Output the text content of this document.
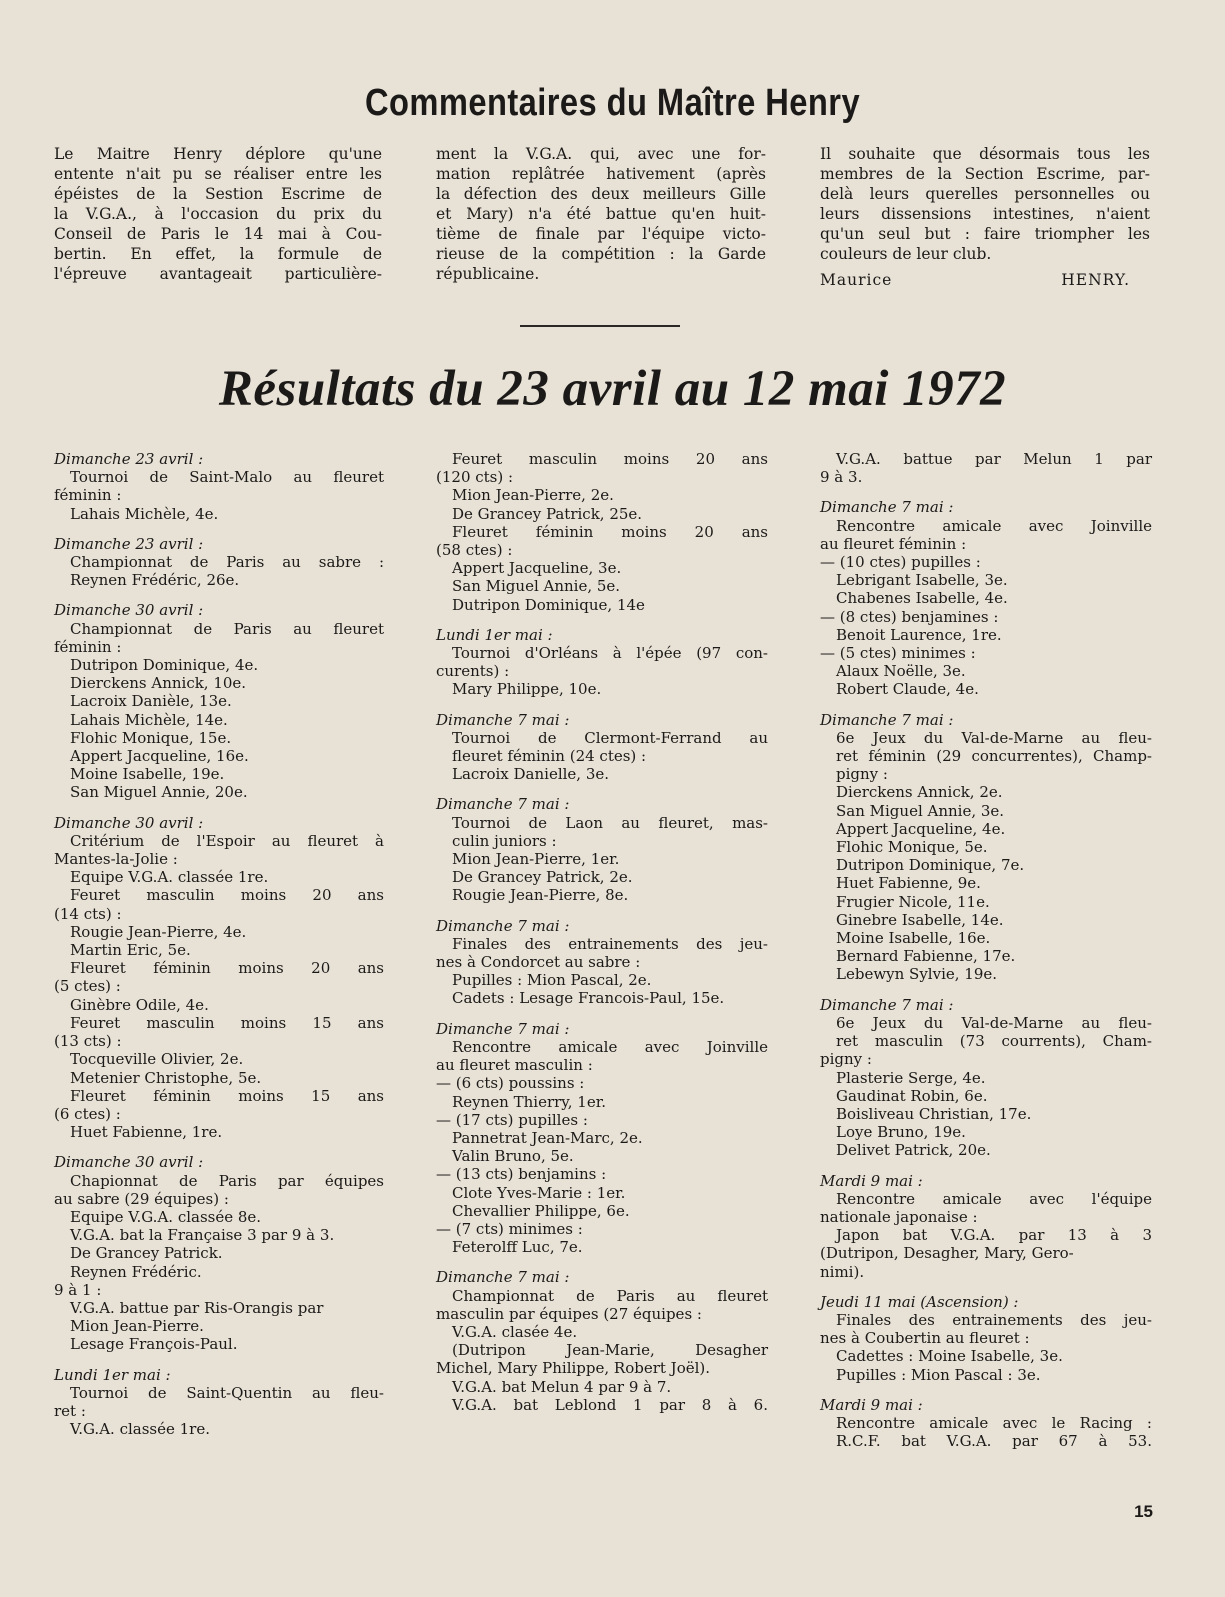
Commentaires du Maître Henry
Le Maitre Henry déplore qu'une
entente n'ait pu se réaliser entre les
épéistes de la Sestion Escrime de
la V.G.A., à l'occasion du prix du
Conseil de Paris le 14 mai à Cou-
bertin. En effet, la formule de
l'épreuve avantageait particulière-
ment la V.G.A. qui, avec une for-
mation replâtrée hativement (après
la défection des deux meilleurs Gille
et Mary) n'a été battue qu'en huit-
tième de finale par l'équipe victo-
rieuse de la compétition : la Garde
républicaine.
Il souhaite que désormais tous les
membres de la Section Escrime, par-
delà leurs querelles personnelles ou
leurs dissensions intestines, n'aient
qu'un seul but : faire triompher les
couleurs de leur club.
Maurice HENRY.
Résultats du 23 avril au 12 mai 1972
Dimanche 23 avril :
Tournoi de Saint-Malo au fleuret
féminin :
Lahais Michèle, 4e.
Dimanche 23 avril :
Championnat de Paris au sabre :
Reynen Frédéric, 26e.
Dimanche 30 avril :
Championnat de Paris au fleuret
féminin :
Dutripon Dominique, 4e.
Dierckens Annick, 10e.
Lacroix Danièle, 13e.
Lahais Michèle, 14e.
Flohic Monique, 15e.
Appert Jacqueline, 16e.
Moine Isabelle, 19e.
San Miguel Annie, 20e.
Dimanche 30 avril :
Critérium de l'Espoir au fleuret à
Mantes-la-Jolie :
Equipe V.G.A. classée 1re.
Feuret masculin moins 20 ans
(14 cts) :
Rougie Jean-Pierre, 4e.
Martin Eric, 5e.
Fleuret féminin moins 20 ans
(5 ctes) :
Ginèbre Odile, 4e.
Feuret masculin moins 15 ans
(13 cts) :
Tocqueville Olivier, 2e.
Metenier Christophe, 5e.
Fleuret féminin moins 15 ans
(6 ctes) :
Huet Fabienne, 1re.
Dimanche 30 avril :
Chapionnat de Paris par équipes
au sabre (29 équipes) :
Equipe V.G.A. classée 8e.
V.G.A. bat la Française 3 par 9 à 3.
De Grancey Patrick.
Reynen Frédéric.
9 à 1 :
V.G.A. battue par Ris-Orangis par
Mion Jean-Pierre.
Lesage François-Paul.
Lundi 1er mai :
Tournoi de Saint-Quentin au fleu-
ret :
V.G.A. classée 1re.
Feuret masculin moins 20 ans
(120 cts) :
Mion Jean-Pierre, 2e.
De Grancey Patrick, 25e.
Fleuret féminin moins 20 ans
(58 ctes) :
Appert Jacqueline, 3e.
San Miguel Annie, 5e.
Dutripon Dominique, 14e
Lundi 1er mai :
Tournoi d'Orléans à l'épée (97 con-
curents) :
Mary Philippe, 10e.
Dimanche 7 mai :
Tournoi de Clermont-Ferrand au
fleuret féminin (24 ctes) :
Lacroix Danielle, 3e.
Dimanche 7 mai :
Tournoi de Laon au fleuret, mas-
culin juniors :
Mion Jean-Pierre, 1er.
De Grancey Patrick, 2e.
Rougie Jean-Pierre, 8e.
Dimanche 7 mai :
Finales des entrainements des jeu-
nes à Condorcet au sabre :
Pupilles : Mion Pascal, 2e.
Cadets : Lesage Francois-Paul, 15e.
Dimanche 7 mai :
Rencontre amicale avec Joinville
au fleuret masculin :
— (6 cts) poussins :
Reynen Thierry, 1er.
— (17 cts) pupilles :
Pannetrat Jean-Marc, 2e.
Valin Bruno, 5e.
— (13 cts) benjamins :
Clote Yves-Marie : 1er.
Chevallier Philippe, 6e.
— (7 cts) minimes :
Feterolff Luc, 7e.
Dimanche 7 mai :
Championnat de Paris au fleuret
masculin par équipes (27 équipes :
V.G.A. clasée 4e.
(Dutripon Jean-Marie, Desagher
Michel, Mary Philippe, Robert Joël).
V.G.A. bat Melun 4 par 9 à 7.
V.G.A. bat Leblond 1 par 8 à 6.
V.G.A. battue par Melun 1 par
9 à 3.
Dimanche 7 mai :
Rencontre amicale avec Joinville
au fleuret féminin :
— (10 ctes) pupilles :
Lebrigant Isabelle, 3e.
Chabenes Isabelle, 4e.
— (8 ctes) benjamines :
Benoit Laurence, 1re.
— (5 ctes) minimes :
Alaux Noëlle, 3e.
Robert Claude, 4e.
Dimanche 7 mai :
6e Jeux du Val-de-Marne au fleu-
ret féminin (29 concurrentes), Champ-
pigny :
Dierckens Annick, 2e.
San Miguel Annie, 3e.
Appert Jacqueline, 4e.
Flohic Monique, 5e.
Dutripon Dominique, 7e.
Huet Fabienne, 9e.
Frugier Nicole, 11e.
Ginebre Isabelle, 14e.
Moine Isabelle, 16e.
Bernard Fabienne, 17e.
Lebewyn Sylvie, 19e.
Dimanche 7 mai :
6e Jeux du Val-de-Marne au fleu-
ret masculin (73 courrents), Cham-
pigny :
Plasterie Serge, 4e.
Gaudinat Robin, 6e.
Boisliveau Christian, 17e.
Loye Bruno, 19e.
Delivet Patrick, 20e.
Mardi 9 mai :
Rencontre amicale avec l'équipe
nationale japonaise :
Japon bat V.G.A. par 13 à 3
(Dutripon, Desagher, Mary, Gero-
nimi).
Jeudi 11 mai (Ascension) :
Finales des entrainements des jeu-
nes à Coubertin au fleuret :
Cadettes : Moine Isabelle, 3e.
Pupilles : Mion Pascal : 3e.
Mardi 9 mai :
Rencontre amicale avec le Racing :
R.C.F. bat V.G.A. par 67 à 53.
15
